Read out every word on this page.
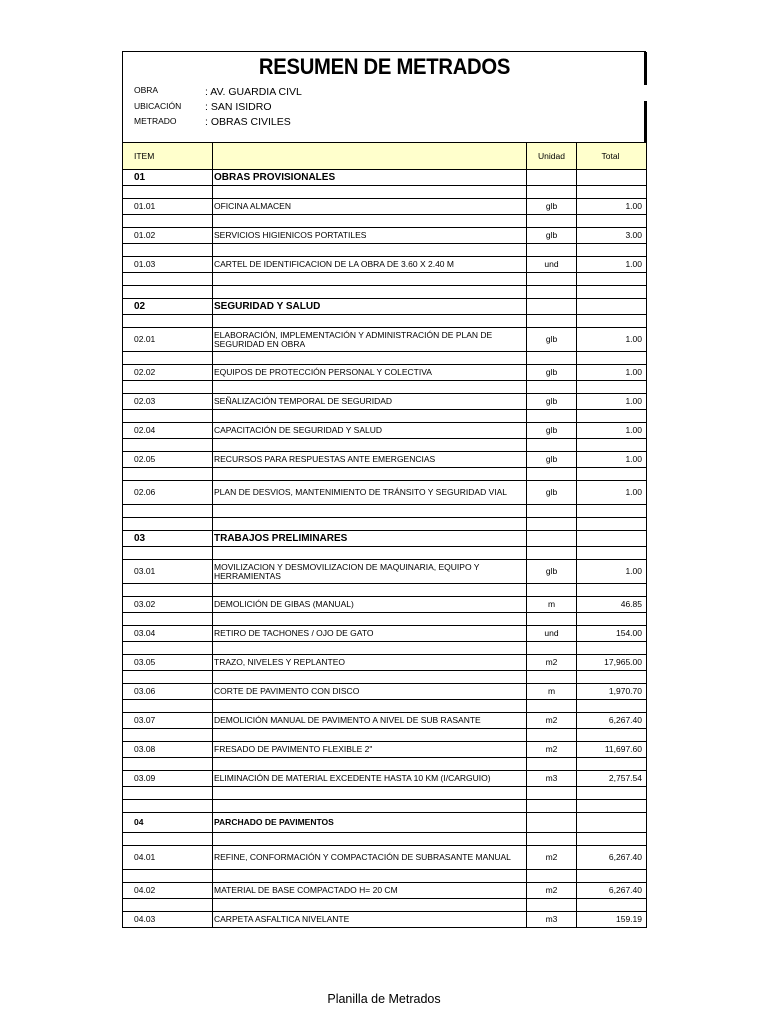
RESUMEN DE METRADOS
OBRA	: AV. GUARDIA CIVL
UBICACIÓN : SAN ISIDRO
METRADO	: OBRAS CIVILES
ITEM		Unidad	Total
01	OBRAS PROVISIONALES		

01.01	OFICINA ALMACEN	glb	1.00

01.02	SERVICIOS HIGIENICOS PORTATILES	glb	3.00

01.03	CARTEL DE IDENTIFICACION DE LA OBRA DE 3.60 X 2.40 M	und	1.00

02	SEGURIDAD Y SALUD		

02.01	ELABORACIÓN, IMPLEMENTACIÓN Y ADMINISTRACIÓN DE PLAN DE SEGURIDAD EN OBRA	glb	1.00

02.02	EQUIPOS DE PROTECCIÓN PERSONAL Y COLECTIVA	glb	1.00

02.03	SEÑALIZACIÓN TEMPORAL DE SEGURIDAD	glb	1.00

02.04	CAPACITACIÓN DE SEGURIDAD Y SALUD	glb	1.00

02.05	RECURSOS PARA RESPUESTAS ANTE EMERGENCIAS	glb	1.00

02.06	PLAN DE DESVIOS, MANTENIMIENTO DE TRÁNSITO Y SEGURIDAD VIAL	glb	1.00

03	TRABAJOS PRELIMINARES		

03.01	MOVILIZACION Y DESMOVILIZACION DE MAQUINARIA, EQUIPO Y HERRAMIENTAS	glb	1.00

03.02	DEMOLICIÓN DE GIBAS (MANUAL)	m	46.85

03.04	RETIRO DE TACHONES / OJO DE GATO	und	154.00

03.05	TRAZO, NIVELES Y REPLANTEO	m2	17,965.00

03.06	CORTE DE PAVIMENTO CON DISCO	m	1,970.70

03.07	DEMOLICIÓN MANUAL DE PAVIMENTO A NIVEL DE SUB RASANTE	m2	6,267.40

03.08	FRESADO DE PAVIMENTO FLEXIBLE 2"	m2	11,697.60

03.09	ELIMINACIÓN DE MATERIAL EXCEDENTE HASTA 10 KM (I/CARGUIO)	m3	2,757.54

04	PARCHADO DE PAVIMENTOS		

04.01	REFINE, CONFORMACIÓN Y COMPACTACIÓN DE SUBRASANTE MANUAL	m2	6,267.40

04.02	MATERIAL DE BASE COMPACTADO H= 20 CM	m2	6,267.40

04.03	CARPETA ASFALTICA NIVELANTE	m3	159.19
Planilla de Metrados
